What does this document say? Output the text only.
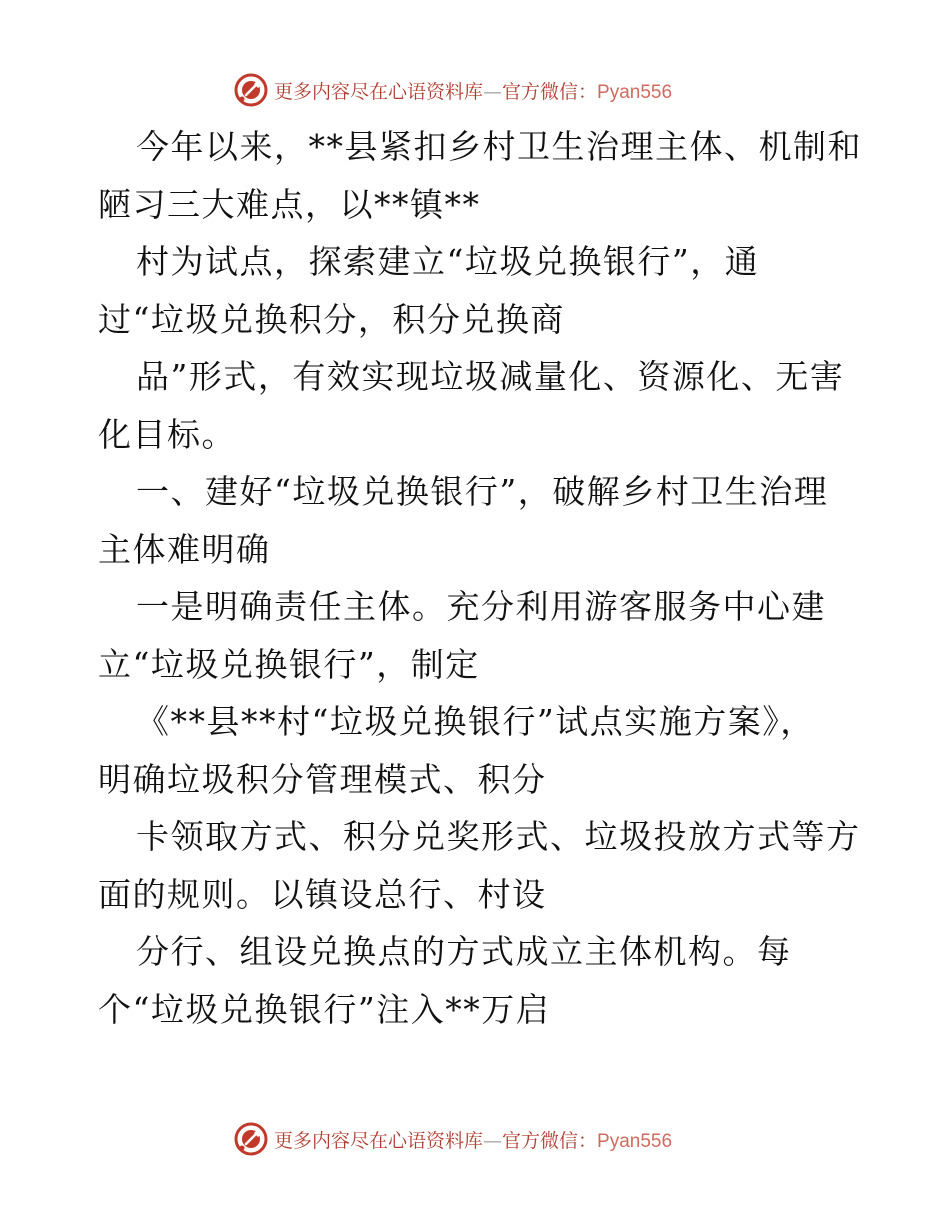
更多内容尽在心语资料库—官方微信：Pyan556
今年以来，**县紧扣乡村卫生治理主体、机制和
陋习三大难点，以**镇**
村为试点，探索建立“垃圾兑换银行”，通
过“垃圾兑换积分，积分兑换商
品”形式，有效实现垃圾减量化、资源化、无害
化目标。
一、建好“垃圾兑换银行”，破解乡村卫生治理
主体难明确
一是明确责任主体。充分利用游客服务中心建
立“垃圾兑换银行”，制定
《**县**村“垃圾兑换银行”试点实施方案》，
明确垃圾积分管理模式、积分
卡领取方式、积分兑奖形式、垃圾投放方式等方
面的规则。以镇设总行、村设
分行、组设兑换点的方式成立主体机构。每
个“垃圾兑换银行”注入**万启
更多内容尽在心语资料库—官方微信：Pyan556
